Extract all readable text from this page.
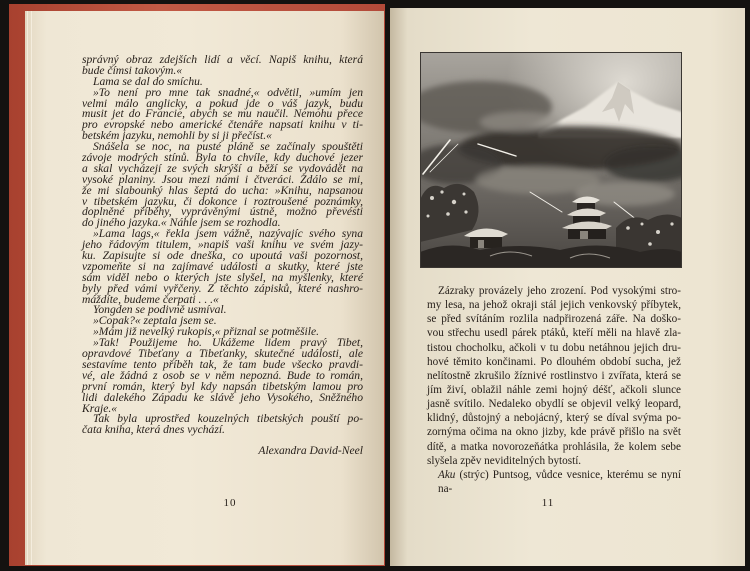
správný obraz zdejších lidí a věcí. Napiš knihu, která
bude čímsi takovým.«
Lama se dal do smíchu.
»To není pro mne tak snadné,« odvětil, »umím jen
velmi málo anglicky, a pokud jde o váš jazyk, budu
musit jet do Francie, abych se mu naučil. Nemohu přece
pro evropské nebo americké čtenáře napsati knihu v ti-
betském jazyku, nemohli by si ji přečíst.«
Snášela se noc, na pusté pláně se začínaly spouštěti
závoje modrých stínů. Byla to chvíle, kdy duchové jezer
a skal vycházejí ze svých skrýší a běží se vydovádět na
vysoké planiny. Jsou mezi námi i čtveráci. Zdálo se mi,
že mi slabounký hlas šeptá do ucha: »Knihu, napsanou
v tibetském jazyku, či dokonce i roztroušené poznámky,
doplněné příběhy, vyprávěnými ústně, možno převésti
do jiného jazyka.« Náhle jsem se rozhodla.
»Lama lags,« řekla jsem vážně, nazývajíc svého syna
jeho řádovým titulem, »napiš vaši knihu ve svém jazy-
ku. Zapisujte si ode dneška, co upoutá vaši pozornost,
vzpomeňte si na zajímavé události a skutky, které jste
sám viděl nebo o kterých jste slyšel, na myšlenky, které
byly před vámi vyřčeny. Z těchto zápisků, které nashro-
máždíte, budeme čerpati . . .«
Yongden se podivně usmíval.
»Copak?« zeptala jsem se.
»Mám již nevelký rukopis,« přiznal se potměšile.
»Tak! Použijeme ho. Ukážeme lidem pravý Tibet,
opravdové Tibeťany a Tibeťanky, skutečné události, ale
sestavíme tento příběh tak, že tam bude všecko pravdi-
vé, ale žádná z osob se v něm nepozná. Bude to román,
první román, který byl kdy napsán tibetským lamou pro
lidi dalekého Západu ke slávě jeho Vysokého, Sněžného
Kraje.«
Tak byla uprostřed kouzelných tibetských pouští po-
čata kniha, která dnes vychází.
Alexandra David-Neel
10
Zázraky provázely jeho zrození. Pod vysokými stro-
my lesa, na jehož okraji stál jejich venkovský příbytek,
se před svítáním rozlila nadpřirozená záře. Na doško-
vou střechu usedl párek ptáků, kteří měli na hlavě zla-
tistou chocholku, ačkoli v tu dobu netáhnou jejich dru-
hové těmito končinami. Po dlouhém období sucha, jež
nelítostně zkrušilo žíznivé rostlinstvo i zvířata, která se
jím živí, oblažil náhle zemi hojný déšť, ačkoli slunce
jasně svítilo. Nedaleko obydlí se objevil velký leopard,
klidný, důstojný a nebojácný, který se díval svýma po-
zornýma očima na okno jizby, kde právě přišlo na svět
dítě, a matka novorozeňátka prohlásila, že kolem sebe
slyšela zpěv neviditelných bytostí.
Aku (strýc) Puntsog, vůdce vesnice, kterému se nyní na-
11
